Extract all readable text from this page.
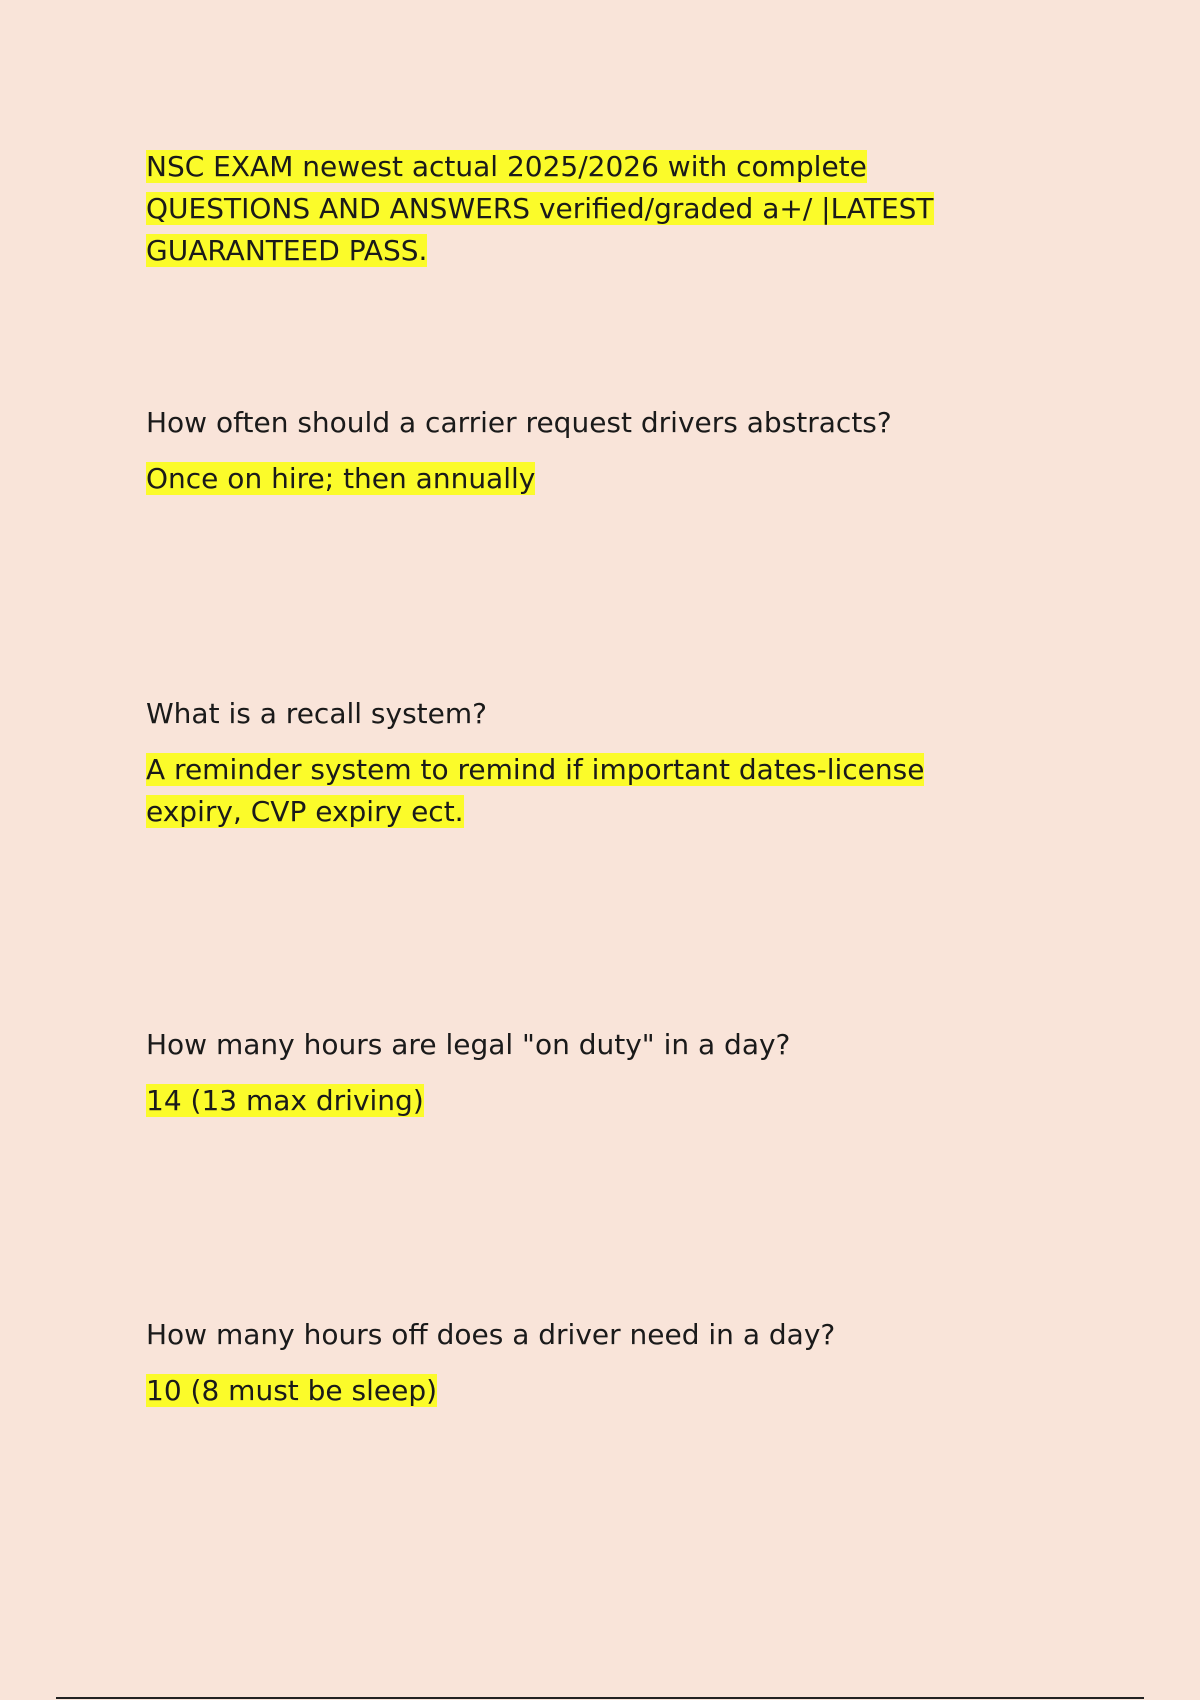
NSC EXAM newest actual 2025/2026 with complete QUESTIONS AND ANSWERS verified/graded a+/ |LATEST GUARANTEED PASS.

How often should a carrier request drivers abstracts?

Once on hire; then annually

What is a recall system?

A reminder system to remind if important dates-license expiry, CVP expiry ect.

How many hours are legal "on duty" in a day?

14 (13 max driving)

How many hours off does a driver need in a day?

10 (8 must be sleep)
